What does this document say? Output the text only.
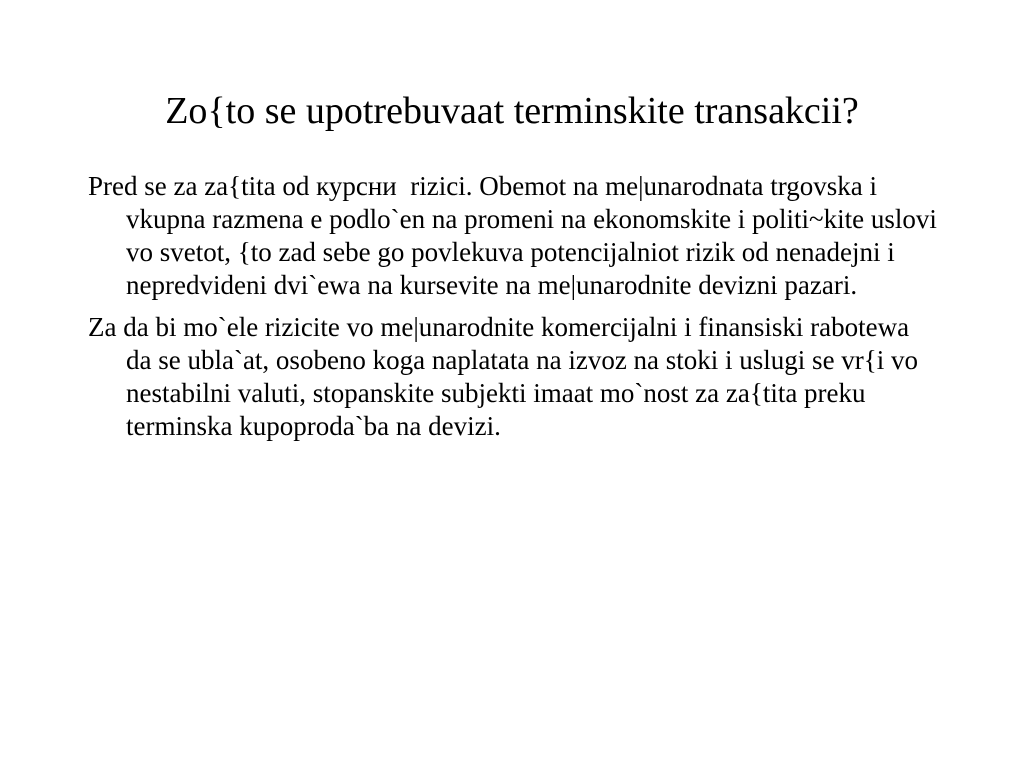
Zo{to se upotrebuvaat terminskite transakcii?
Pred se za za{tita od курсни  rizici. Obemot na me|unarodnata trgovska i vkupna razmena e podlo`en na promeni na ekonomskite i politi~kite uslovi vo svetot, {to zad sebe go povlekuva potencijalniot rizik od nenadejni i nepredvideni dvi`ewa na kursevite na me|unarodnite devizni pazari.
Za da bi mo`ele rizicite vo me|unarodnite komercijalni i finansiski rabotewa da se ubla`at, osobeno koga naplatata na izvoz na stoki i uslugi se vr{i vo nestabilni valuti, stopanskite subjekti imaat mo`nost za za{tita preku terminska kupoproda`ba na devizi.
